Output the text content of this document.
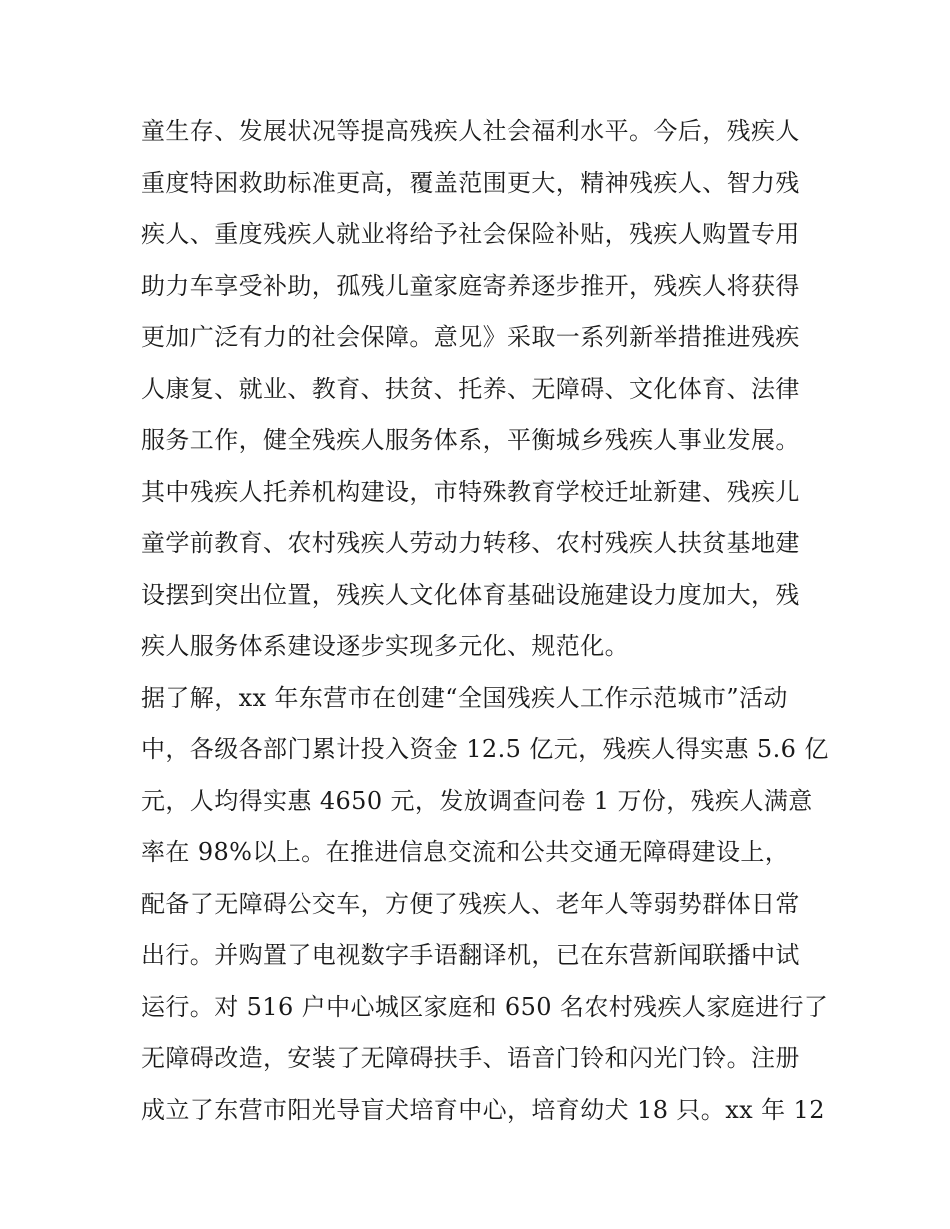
童生存、发展状况等提高残疾人社会福利水平。今后，残疾人
重度特困救助标准更高，覆盖范围更大，精神残疾人、智力残
疾人、重度残疾人就业将给予社会保险补贴，残疾人购置专用
助力车享受补助，孤残儿童家庭寄养逐步推开，残疾人将获得
更加广泛有力的社会保障。意见》采取一系列新举措推进残疾
人康复、就业、教育、扶贫、托养、无障碍、文化体育、法律
服务工作，健全残疾人服务体系，平衡城乡残疾人事业发展。
其中残疾人托养机构建设，市特殊教育学校迁址新建、残疾儿
童学前教育、农村残疾人劳动力转移、农村残疾人扶贫基地建
设摆到突出位置，残疾人文化体育基础设施建设力度加大，残
疾人服务体系建设逐步实现多元化、规范化。
据了解，xx 年东营市在创建“全国残疾人工作示范城市”活动
中，各级各部门累计投入资金 12.5 亿元，残疾人得实惠 5.6 亿
元，人均得实惠 4650 元，发放调查问卷 1 万份，残疾人满意
率在 98%以上。在推进信息交流和公共交通无障碍建设上，
配备了无障碍公交车，方便了残疾人、老年人等弱势群体日常
出行。并购置了电视数字手语翻译机，已在东营新闻联播中试
运行。对 516 户中心城区家庭和 650 名农村残疾人家庭进行了
无障碍改造，安装了无障碍扶手、语音门铃和闪光门铃。注册
成立了东营市阳光导盲犬培育中心，培育幼犬 18 只。xx 年 12
